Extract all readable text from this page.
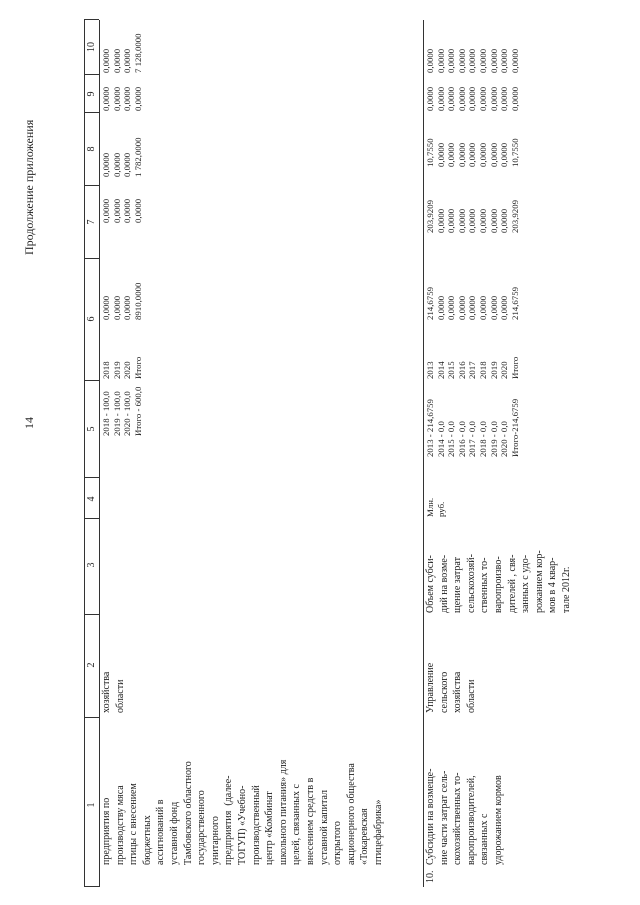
14
Продолжение приложения
1
2
3
4
5
6
7
8
9
10
предприятия по
производству мяса
птицы с внесением
бюджетных
ассигнований в
уставной фонд
Тамбовского областного
государственного
унитарного
предприятия  (далее-
ТОГУП) «Учебно-
производственный
центр «Комбинат
школьного питания» для
целей, связанных с
внесением средств в
уставной капитал
открытого
акционерного общества
«Токаревская
птицефабрика»
хозяйства
области
2018 - 100,0
2019 - 100,0
2020 - 100,0
Итого - 600,0
2018
2019
2020
Итого
0,0000
0,0000
0,0000
8910,0000
0,0000
0,0000
0,0000
0,0000
0,0000
0,0000
0,0000
1 782,0000
0,0000
0,0000
0,0000
0,0000
0,0000
0,0000
0,0000
7 128,0000
10.
Субсидии на возмеще-
ние части затрат сель-
скохозяйственных то-
варопроизводителей,
связанных с
удорожанием кормов
Управление
сельского
хозяйства
области
Объем субси-
дий на возме-
щение затрат
сельскохозяй-
ственных то-
варопроизво-
дителей , свя-
занных с удо-
рожанием кор-
мов в 4 квар-
тале 2012г.
Млн.
руб.
2013 - 214,6759
2014 - 0,0
2015 - 0,0
2016 - 0,0
2017 - 0,0
2018 - 0,0
2019 - 0,0
2020 - 0,0
Итого-214,6759
2013
2014
2015
2016
2017
2018
2019
2020
Итого
214,6759
0,0000
0,0000
0,0000
0,0000
0,0000
0,0000
0,0000
214,6759
203,9209
0,0000
0,0000
0,0000
0,0000
0,0000
0,0000
0,0000
203,9209
10,7550
0,0000
0,0000
0,0000
0,0000
0,0000
0,0000
0,0000
10,7550
0,0000
0,0000
0,0000
0,0000
0,0000
0,0000
0,0000
0,0000
0,0000
0,0000
0,0000
0,0000
0,0000
0,0000
0,0000
0,0000
0,0000
0,0000
